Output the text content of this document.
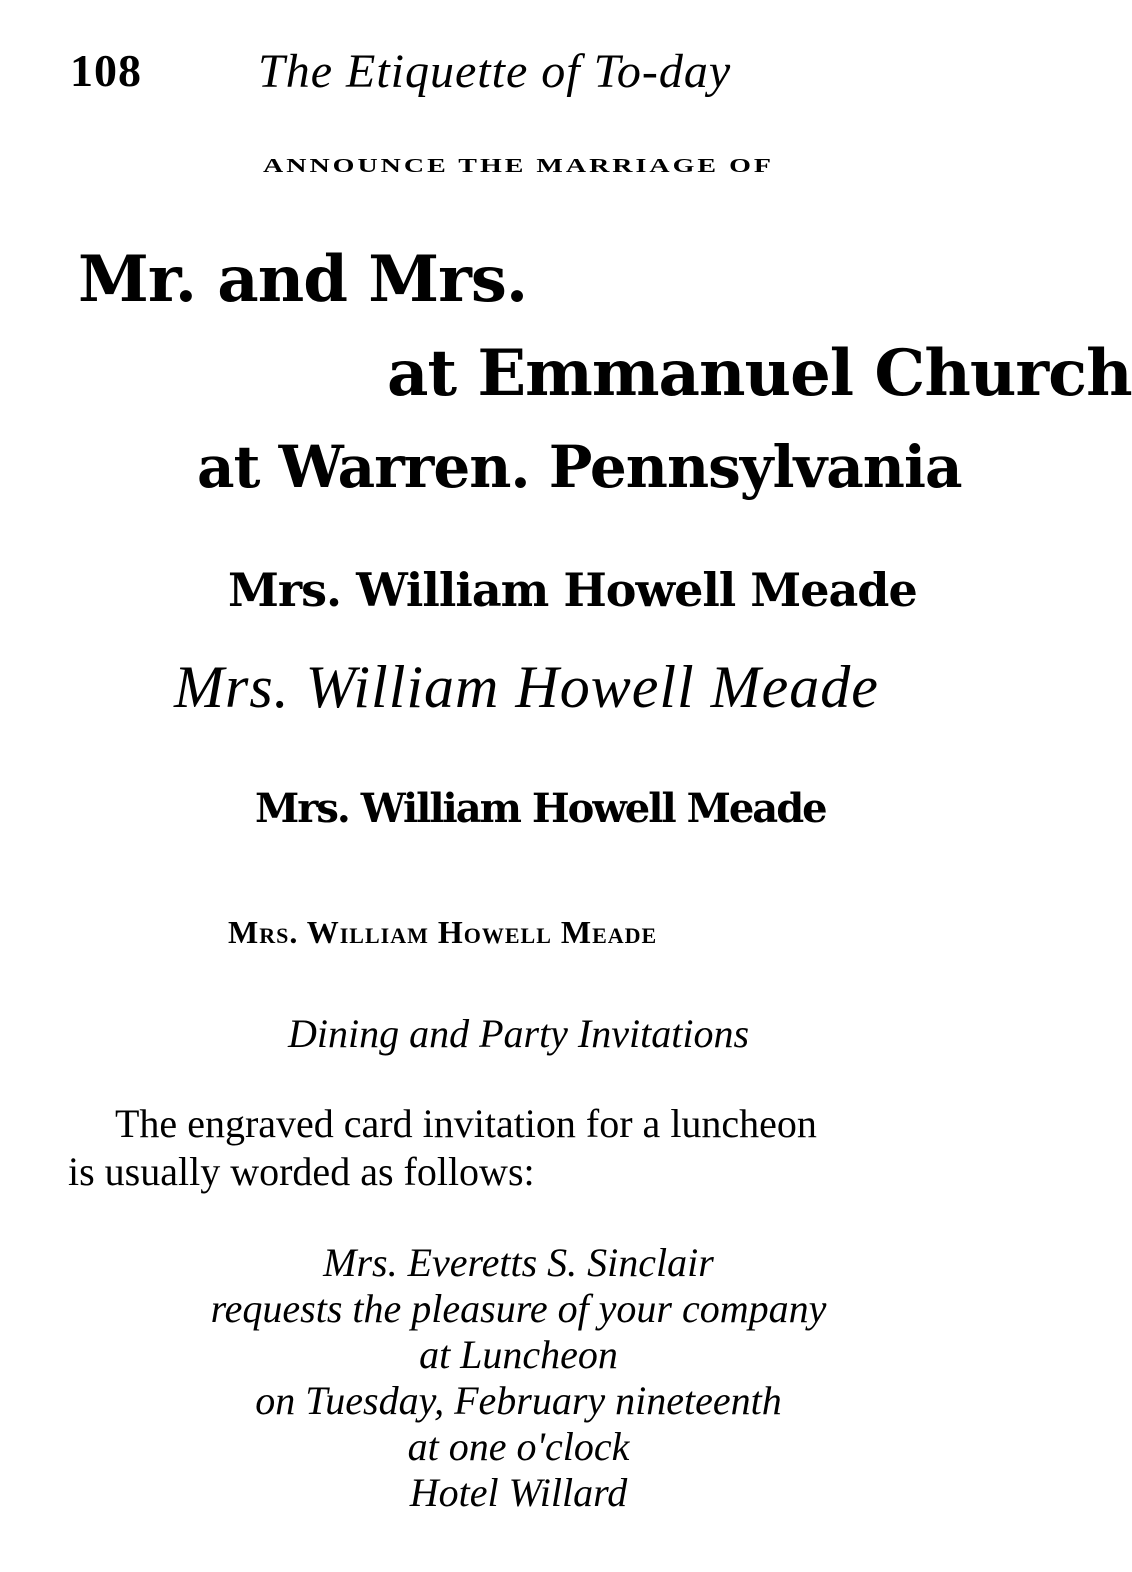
108 The Etiquette of To-day
ANNOUNCE THE MARRIAGE OF
Mr. and Mrs.
at Emmanuel Church
at Warren. Pennsylvania
Mrs. William Howell Meade
Mrs. William Howell Meade
Mrs. William Howell Meade
Mrs. William Howell Meade
Dining and Party Invitations
The engraved card invitation for a luncheon
is usually worded as follows:
Mrs. Everetts S. Sinclair
requests the pleasure of your company
at Luncheon
on Tuesday, February nineteenth
at one o'clock
Hotel Willard
